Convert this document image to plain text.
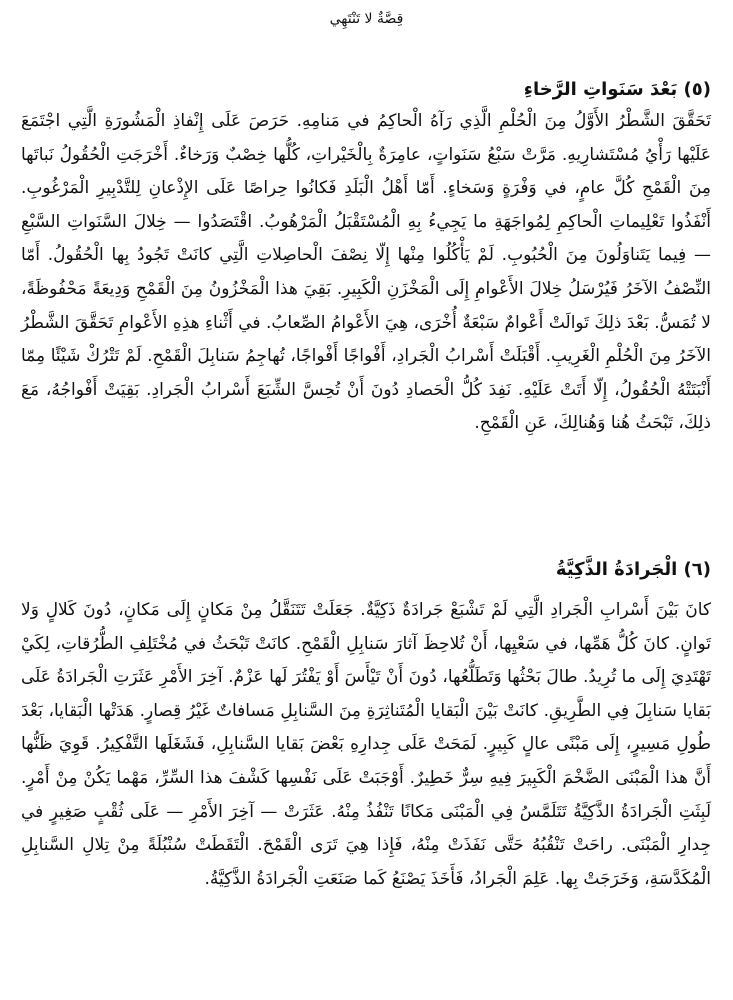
قِصَّةٌ لا تَنْتَهِي
(٥) بَعْدَ سَنَواتِ الرَّخاءِ

تَحَقَّقَ الشَّطْرُ الأَوَّلُ مِنَ الْحُلْمِ الَّذِي رَآهُ الْحاكِمُ في مَنامِهِ. حَرَصَ عَلَى إِنْفاذِ الْمَشُورَةِ الَّتِي اجْتَمَعَ عَلَيْها رَأْيُ مُسْتَشارِيهِ. مَرَّتْ سَبْعُ سَنَواتٍ، عامِرَةٌ بِالْخَيْراتِ، كُلُّها خِصْبٌ وَرَخاءٌ. أَخْرَجَتِ الْحُقُولُ نَباتَها مِنَ الْقَمْحِ كُلَّ عامٍ، في وَفْرَةٍ وَسَخاءٍ. أَمّا أَهْلُ الْبَلَدِ فَكانُوا حِراصًا عَلَى الإِذْعانِ لِلتَّدْبِيرِ الْمَرْغُوبِ. أَنْفَذُوا تَعْلِيماتِ الْحاكِمِ لِمُواجَهَةِ ما يَجِيءُ بِهِ الْمُسْتَقْبَلُ الْمَرْهُوبُ. اقْتَصَدُوا — خِلالَ السَّنَواتِ السَّبْعِ — فِيما يَتَناوَلُونَ مِنَ الْحُبُوبِ. لَمْ يَأْكُلُوا مِنْها إِلّا نِصْفَ الْحاصِلاتِ الَّتِي كانَتْ تَجُودُ بِها الْحُقُولُ. أَمّا النِّصْفُ الآخَرُ فَيُرْسَلُ خِلالَ الأَعْوامِ إِلَى الْمَخْزَنِ الْكَبِيرِ. بَقِيَ هذا الْمَخْزُونُ مِنَ الْقَمْحِ وَدِيعَةً مَحْفُوظَةً، لا تُمَسُّ. بَعْدَ ذلِكَ تَوالَتْ أَعْوامٌ سَبْعَةٌ أُخْرَى، هِيَ الأَعْوامُ الصِّعابُ. في أَثْناءِ هذِهِ الأَعْوامِ تَحَقَّقَ الشَّطْرُ الآخَرُ مِنَ الْحُلْمِ الْغَرِيبِ. أَقْبَلَتْ أَسْرابُ الْجَرادِ، أَفْواجًا أَفْواجًا، تُهاجِمُ سَنابِلَ الْقَمْحِ. لَمْ تَتْرُكْ شَيْئًا مِمّا أَنْبَتَتْهُ الْحُقُولُ، إِلّا أَتَتْ عَلَيْهِ. نَفِدَ كُلُّ الْحَصادِ دُونَ أَنْ تُحِسَّ الشِّبَعَ أَسْرابُ الْجَرادِ. بَقِيَتْ أَفْواجُهُ، مَعَ ذلِكَ، تَبْحَثُ هُنا وَهُنالِكَ، عَنِ الْقَمْحِ.

(٦) الْجَرادَةُ الذَّكِيَّةُ

كانَ بَيْنَ أَسْرابِ الْجَرادِ الَّتِي لَمْ تَشْبَعْ جَرادَةٌ ذَكِيَّةٌ. جَعَلَتْ تَتَنَقَّلُ مِنْ مَكانٍ إِلَى مَكانٍ، دُونَ كَلالٍ وَلا تَوانٍ. كانَ كُلُّ هَمِّها، في سَعْيِها، أَنْ تُلاحِظَ آثارَ سَنابِلِ الْقَمْحِ. كانَتْ تَبْحَثُ في مُخْتَلِفِ الطُّرُقاتِ، لِكَيْ تَهْتَدِيَ إِلَى ما تُرِيدُ. طالَ بَحْثُها وَتَطَلُّعُها، دُونَ أَنْ تَيْأَسَ أَوْ يَفْتُرَ لَها عَزْمٌ. آخِرَ الأَمْرِ عَثَرَتِ الْجَرادَةُ عَلَى بَقايا سَنابِلَ فِي الطَّرِيقِ. كانَتْ بَيْنَ الْبَقايا الْمُتَناثِرَةِ مِنَ السَّنابِلِ مَسافاتٌ غَيْرُ قِصارٍ. هَدَتْها الْبَقايا، بَعْدَ طُولِ مَسِيرٍ، إِلَى مَبْنًى عالٍ كَبِيرٍ. لَمَحَتْ عَلَى جِدارِهِ بَعْضَ بَقايا السَّنابِلِ، فَشَغَلَها التَّفْكِيرُ. قَوِيَ ظَنُّها أَنَّ هذا الْمَبْنَى الضَّخْمَ الْكَبِيرَ فِيهِ سِرٌّ خَطِيرٌ. أَوْجَبَتْ عَلَى نَفْسِها كَشْفَ هذا السِّرِّ، مَهْما يَكُنْ مِنْ أَمْرٍ. لَبِثَتِ الْجَرادَةُ الذَّكِيَّةُ تَتَلَمَّسُ فِي الْمَبْنَى مَكانًا تَنْفُذُ مِنْهُ. عَثَرَتْ — آخِرَ الأَمْرِ — عَلَى ثُقْبٍ صَغِيرٍ في جِدارِ الْمَبْنَى. راحَتْ تَنْقُبُهُ حَتَّى نَفَذَتْ مِنْهُ، فَإِذا هِيَ تَرَى الْقَمْحَ. الْتَقَطَتْ سُنْبُلَةً مِنْ تِلالِ السَّنابِلِ الْمُكَدَّسَةِ، وَخَرَجَتْ بِها. عَلِمَ الْجَرادُ، فَأَخَذَ يَصْنَعُ كَما صَنَعَتِ الْجَرادَةُ الذَّكِيَّةُ.
